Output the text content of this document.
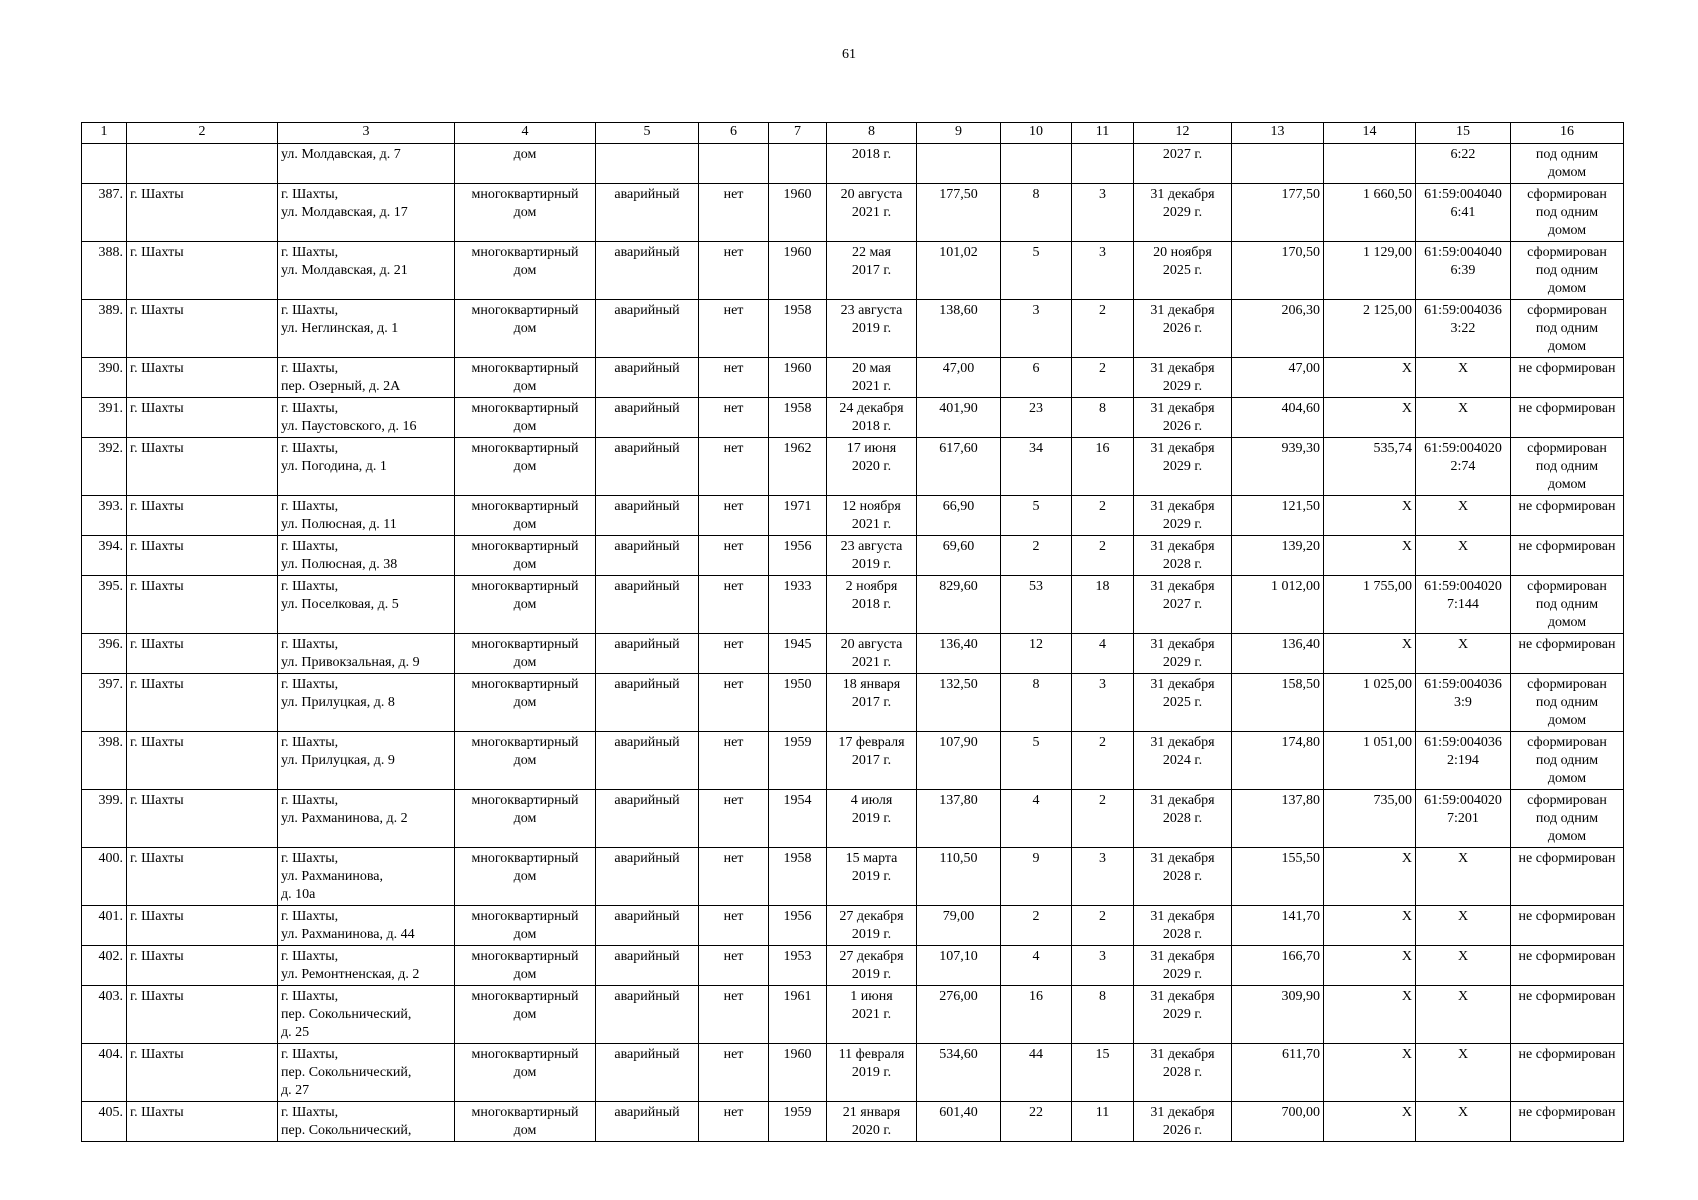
61
1	2	3	4	5	6	7	8	9	10	11	12	13	14	15	16
		ул. Молдавская, д. 7	дом				2018 г.				2027 г.			6:22	под одним
домом
387.	г. Шахты	г. Шахты,
ул. Молдавская, д. 17	многоквартирный
дом	аварийный	нет	1960	20 августа
2021 г.	177,50	8	3	31 декабря
2029 г.	177,50	1 660,50	61:59:004040
6:41	сформирован
под одним
домом
388.	г. Шахты	г. Шахты,
ул. Молдавская, д. 21	многоквартирный
дом	аварийный	нет	1960	22 мая
2017 г.	101,02	5	3	20 ноября
2025 г.	170,50	1 129,00	61:59:004040
6:39	сформирован
под одним
домом
389.	г. Шахты	г. Шахты,
ул. Неглинская, д. 1	многоквартирный
дом	аварийный	нет	1958	23 августа
2019 г.	138,60	3	2	31 декабря
2026 г.	206,30	2 125,00	61:59:004036
3:22	сформирован
под одним
домом
390.	г. Шахты	г. Шахты,
пер. Озерный, д. 2А	многоквартирный
дом	аварийный	нет	1960	20 мая
2021 г.	47,00	6	2	31 декабря
2029 г.	47,00	X	X	не сформирован
391.	г. Шахты	г. Шахты,
ул. Паустовского, д. 16	многоквартирный
дом	аварийный	нет	1958	24 декабря
2018 г.	401,90	23	8	31 декабря
2026 г.	404,60	X	X	не сформирован
392.	г. Шахты	г. Шахты,
ул. Погодина, д. 1	многоквартирный
дом	аварийный	нет	1962	17 июня
2020 г.	617,60	34	16	31 декабря
2029 г.	939,30	535,74	61:59:004020
2:74	сформирован
под одним
домом
393.	г. Шахты	г. Шахты,
ул. Полюсная, д. 11	многоквартирный
дом	аварийный	нет	1971	12 ноября
2021 г.	66,90	5	2	31 декабря
2029 г.	121,50	X	X	не сформирован
394.	г. Шахты	г. Шахты,
ул. Полюсная, д. 38	многоквартирный
дом	аварийный	нет	1956	23 августа
2019 г.	69,60	2	2	31 декабря
2028 г.	139,20	X	X	не сформирован
395.	г. Шахты	г. Шахты,
ул. Поселковая, д. 5	многоквартирный
дом	аварийный	нет	1933	2 ноября
2018 г.	829,60	53	18	31 декабря
2027 г.	1 012,00	1 755,00	61:59:004020
7:144	сформирован
под одним
домом
396.	г. Шахты	г. Шахты,
ул. Привокзальная, д. 9	многоквартирный
дом	аварийный	нет	1945	20 августа
2021 г.	136,40	12	4	31 декабря
2029 г.	136,40	X	X	не сформирован
397.	г. Шахты	г. Шахты,
ул. Прилуцкая, д. 8	многоквартирный
дом	аварийный	нет	1950	18 января
2017 г.	132,50	8	3	31 декабря
2025 г.	158,50	1 025,00	61:59:004036
3:9	сформирован
под одним
домом
398.	г. Шахты	г. Шахты,
ул. Прилуцкая, д. 9	многоквартирный
дом	аварийный	нет	1959	17 февраля
2017 г.	107,90	5	2	31 декабря
2024 г.	174,80	1 051,00	61:59:004036
2:194	сформирован
под одним
домом
399.	г. Шахты	г. Шахты,
ул. Рахманинова, д. 2	многоквартирный
дом	аварийный	нет	1954	4 июля
2019 г.	137,80	4	2	31 декабря
2028 г.	137,80	735,00	61:59:004020
7:201	сформирован
под одним
домом
400.	г. Шахты	г. Шахты,
ул. Рахманинова,
д. 10а	многоквартирный
дом	аварийный	нет	1958	15 марта
2019 г.	110,50	9	3	31 декабря
2028 г.	155,50	X	X	не сформирован
401.	г. Шахты	г. Шахты,
ул. Рахманинова, д. 44	многоквартирный
дом	аварийный	нет	1956	27 декабря
2019 г.	79,00	2	2	31 декабря
2028 г.	141,70	X	X	не сформирован
402.	г. Шахты	г. Шахты,
ул. Ремонтненская, д. 2	многоквартирный
дом	аварийный	нет	1953	27 декабря
2019 г.	107,10	4	3	31 декабря
2029 г.	166,70	X	X	не сформирован
403.	г. Шахты	г. Шахты,
пер. Сокольнический,
д. 25	многоквартирный
дом	аварийный	нет	1961	1 июня
2021 г.	276,00	16	8	31 декабря
2029 г.	309,90	X	X	не сформирован
404.	г. Шахты	г. Шахты,
пер. Сокольнический,
д. 27	многоквартирный
дом	аварийный	нет	1960	11 февраля
2019 г.	534,60	44	15	31 декабря
2028 г.	611,70	X	X	не сформирован
405.	г. Шахты	г. Шахты,
пер. Сокольнический,	многоквартирный
дом	аварийный	нет	1959	21 января
2020 г.	601,40	22	11	31 декабря
2026 г.	700,00	X	X	не сформирован
